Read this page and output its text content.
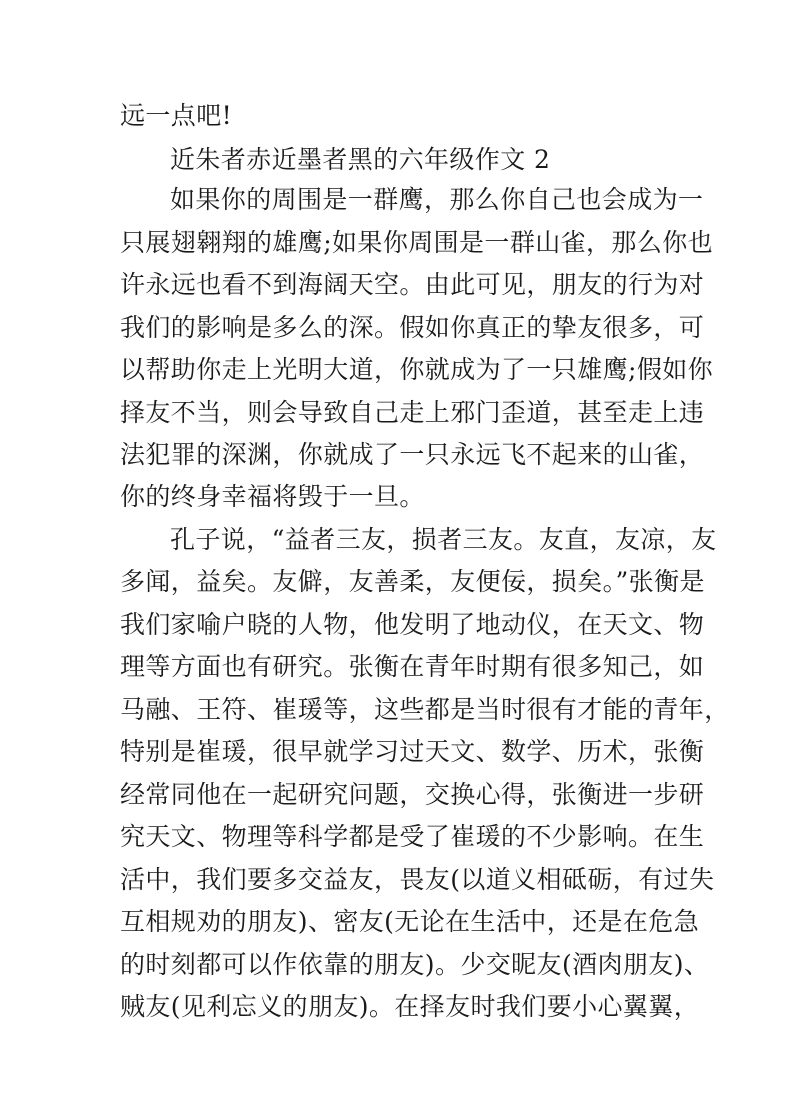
远一点吧!
近朱者赤近墨者黑的六年级作文 2
如果你的周围是一群鹰，那么你自己也会成为一
只展翅翱翔的雄鹰;如果你周围是一群山雀，那么你也
许永远也看不到海阔天空。由此可见，朋友的行为对
我们的影响是多么的深。假如你真正的挚友很多，可
以帮助你走上光明大道，你就成为了一只雄鹰;假如你
择友不当，则会导致自己走上邪门歪道，甚至走上违
法犯罪的深渊，你就成了一只永远飞不起来的山雀，
你的终身幸福将毁于一旦。
孔子说，“益者三友，损者三友。友直，友凉，友
多闻，益矣。友僻，友善柔，友便佞，损矣。”张衡是
我们家喻户晓的人物，他发明了地动仪，在天文、物
理等方面也有研究。张衡在青年时期有很多知己，如
马融、王符、崔瑗等，这些都是当时很有才能的青年，
特别是崔瑗，很早就学习过天文、数学、历术，张衡
经常同他在一起研究问题，交换心得，张衡进一步研
究天文、物理等科学都是受了崔瑗的不少影响。在生
活中，我们要多交益友，畏友(以道义相砥砺，有过失
互相规劝的朋友)、密友(无论在生活中，还是在危急
的时刻都可以作依靠的朋友)。少交昵友(酒肉朋友)、
贼友(见利忘义的朋友)。在择友时我们要小心翼翼，
